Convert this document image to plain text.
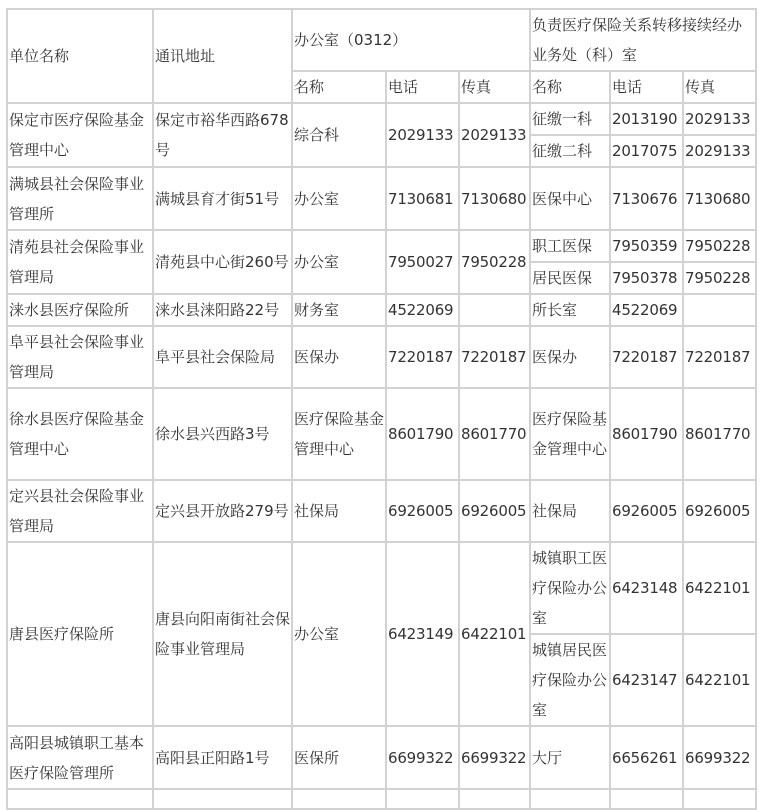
单位名称	通讯地址	办公室（0312）			负责医疗保险关系转移接续经办业务处（科）室		
		名称	电话	传真	名称	电话	传真
保定市医疗保险基金管理中心	保定市裕华西路678号	综合科	2029133	2029133	征缴一科	2013190	2029133
					征缴二科	2017075	2029133
满城县社会保险事业管理所	满城县育才街51号	办公室	7130681	7130680	医保中心	7130676	7130680
清苑县社会保险事业管理局	清苑县中心街260号	办公室	7950027	7950228	职工医保	7950359	7950228
					居民医保	7950378	7950228
涞水县医疗保险所	涞水县涞阳路22号	财务室	4522069		所长室	4522069	
阜平县社会保险事业管理局	阜平县社会保险局	医保办	7220187	7220187	医保办	7220187	7220187
徐水县医疗保险基金管理中心	徐水县兴西路3号	医疗保险基金管理中心	8601790	8601770	医疗保险基金管理中心	8601790	8601770
定兴县社会保险事业管理局	定兴县开放路279号	社保局	6926005	6926005	社保局	6926005	6926005
唐县医疗保险所	唐县向阳南街社会保险事业管理局	办公室	6423149	6422101	城镇职工医疗保险办公室	6423148	6422101
					城镇居民医疗保险办公室	6423147	6422101
高阳县城镇职工基本医疗保险管理所	高阳县正阳路1号	医保所	6699322	6699322	大厅	6656261	6699322
